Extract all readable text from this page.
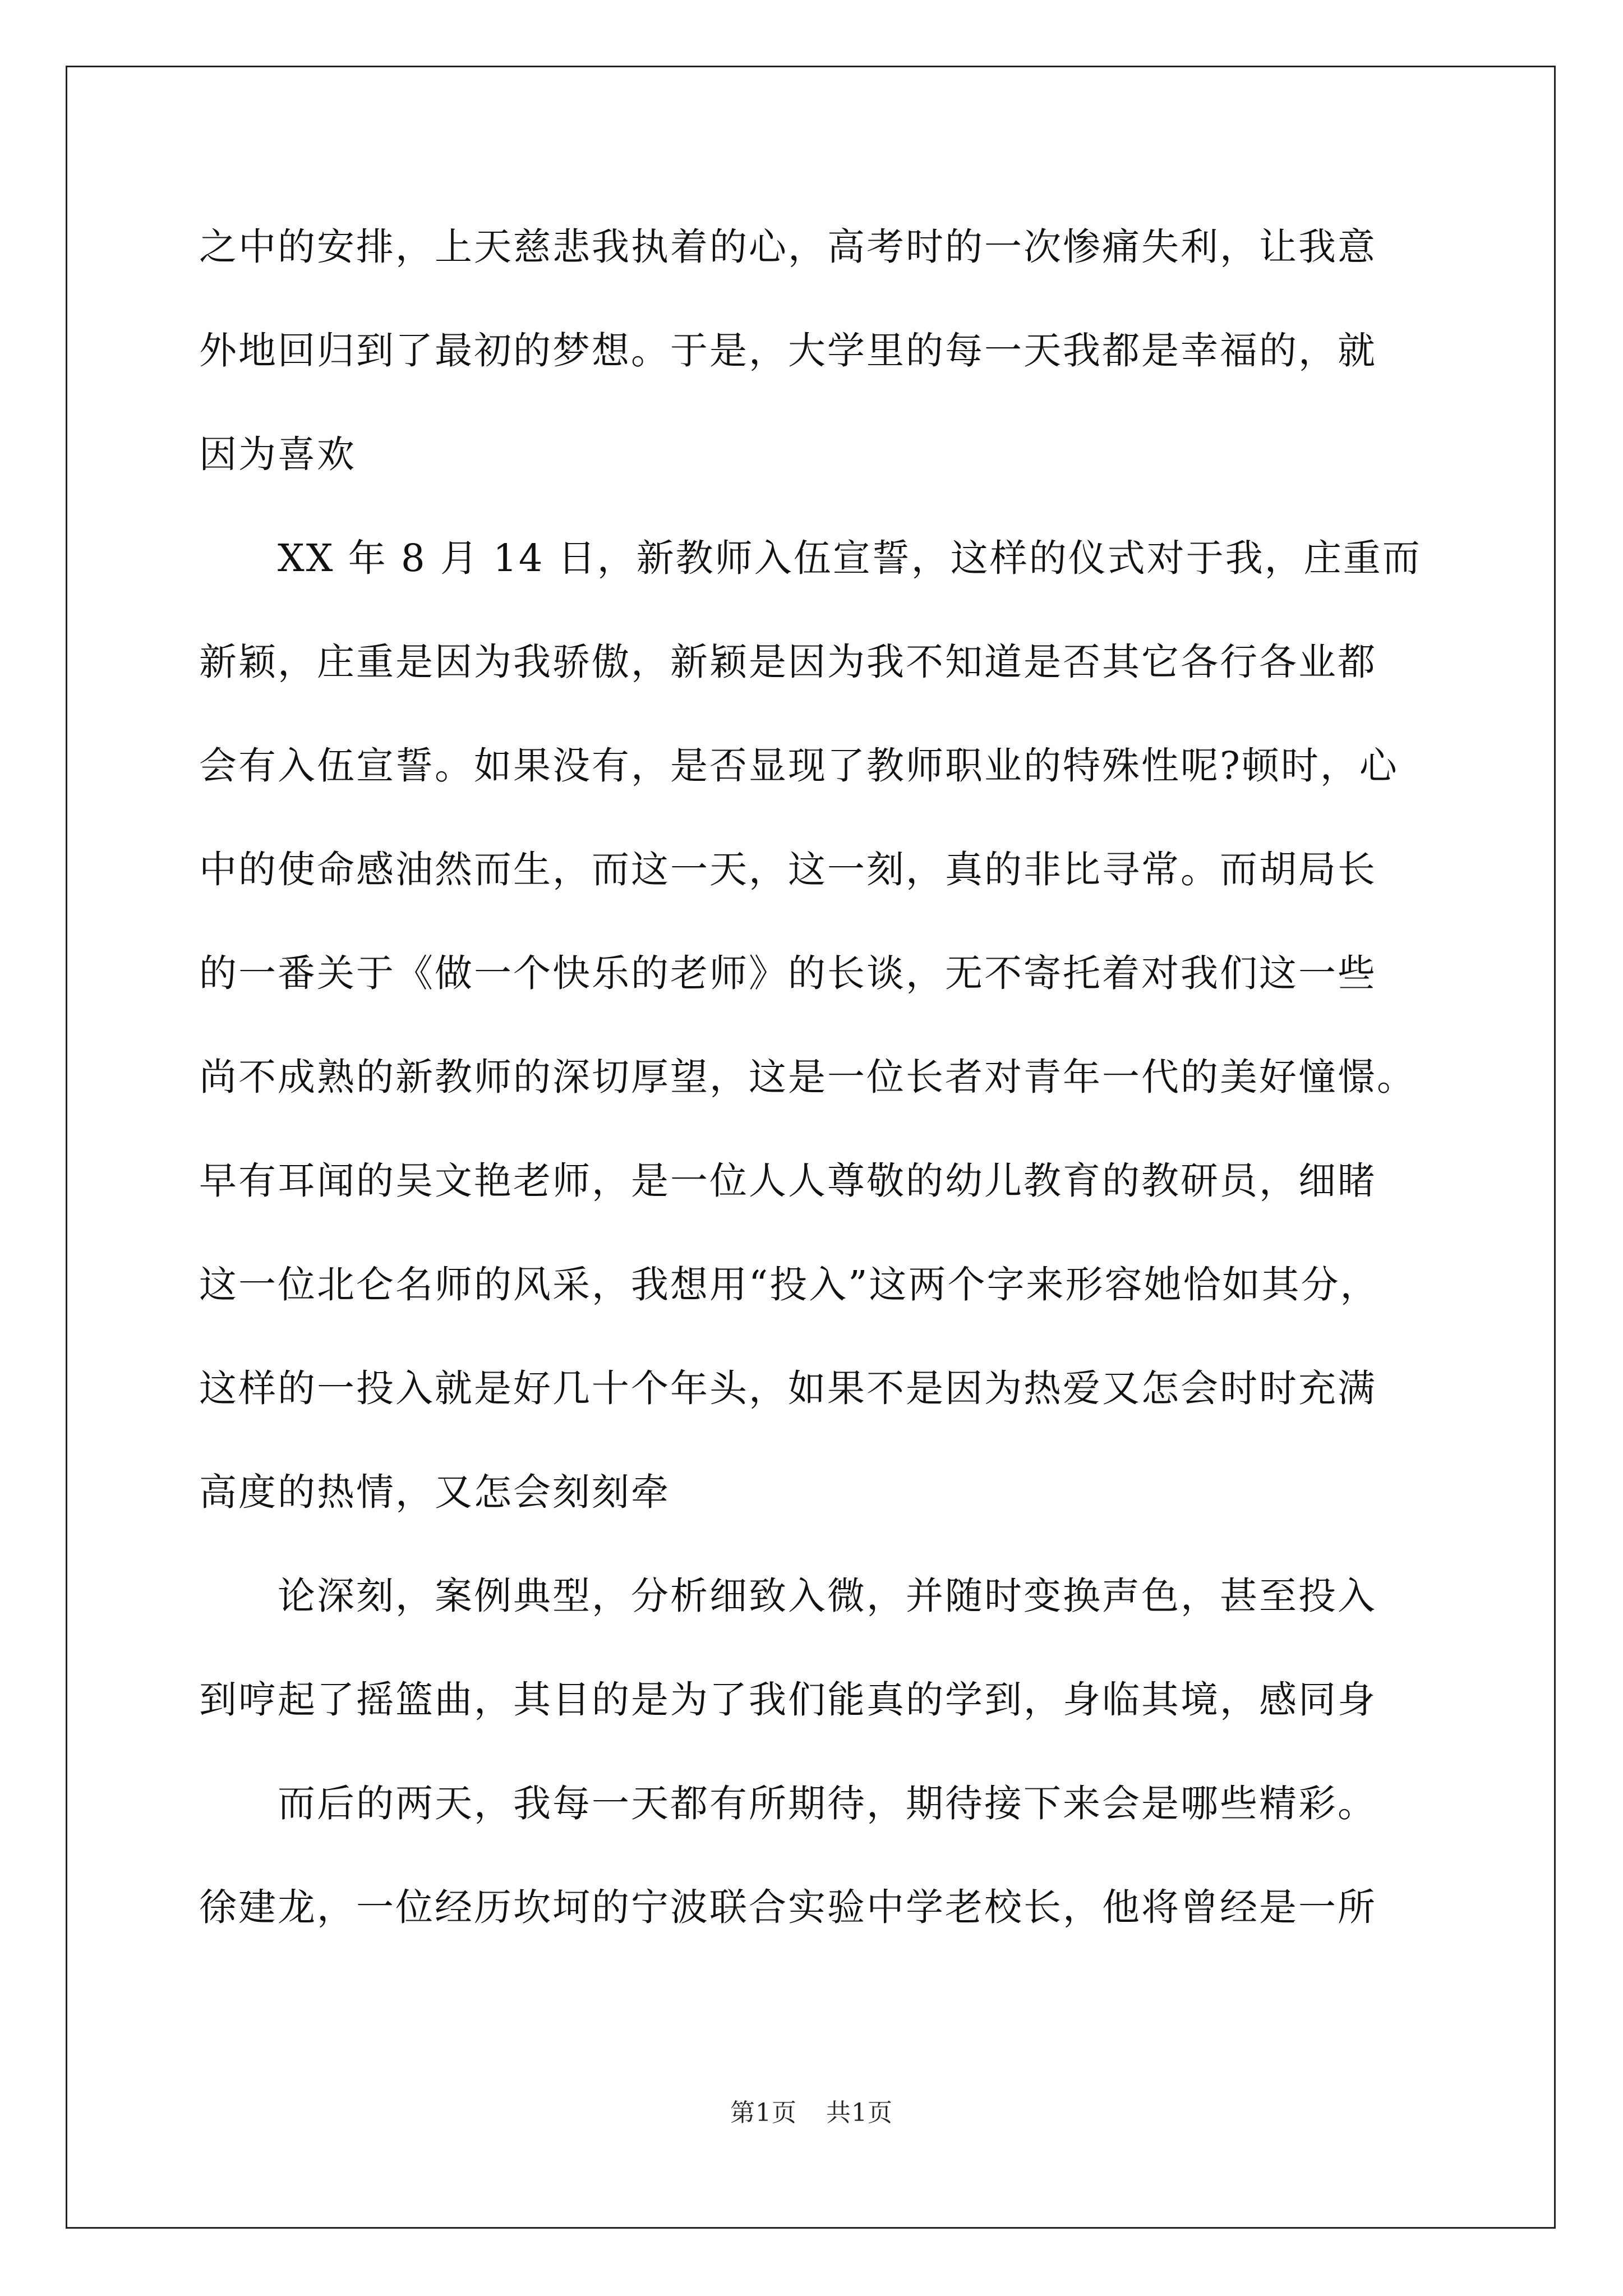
之中的安排，上天慈悲我执着的心，高考时的一次惨痛失利，让我意
外地回归到了最初的梦想。于是，大学里的每一天我都是幸福的，就
因为喜欢
XX 年 8 月 14 日，新教师入伍宣誓，这样的仪式对于我，庄重而
新颖，庄重是因为我骄傲，新颖是因为我不知道是否其它各行各业都
会有入伍宣誓。如果没有，是否显现了教师职业的特殊性呢?顿时，心
中的使命感油然而生，而这一天，这一刻，真的非比寻常。而胡局长
的一番关于《做一个快乐的老师》的长谈，无不寄托着对我们这一些
尚不成熟的新教师的深切厚望，这是一位长者对青年一代的美好憧憬。
早有耳闻的吴文艳老师，是一位人人尊敬的幼儿教育的教研员，细睹
这一位北仑名师的风采，我想用“投入”这两个字来形容她恰如其分，
这样的一投入就是好几十个年头，如果不是因为热爱又怎会时时充满
高度的热情，又怎会刻刻牵
论深刻，案例典型，分析细致入微，并随时变换声色，甚至投入
到哼起了摇篮曲，其目的是为了我们能真的学到，身临其境，感同身
而后的两天，我每一天都有所期待，期待接下来会是哪些精彩。
徐建龙，一位经历坎坷的宁波联合实验中学老校长，他将曾经是一所
第1页 共1页
